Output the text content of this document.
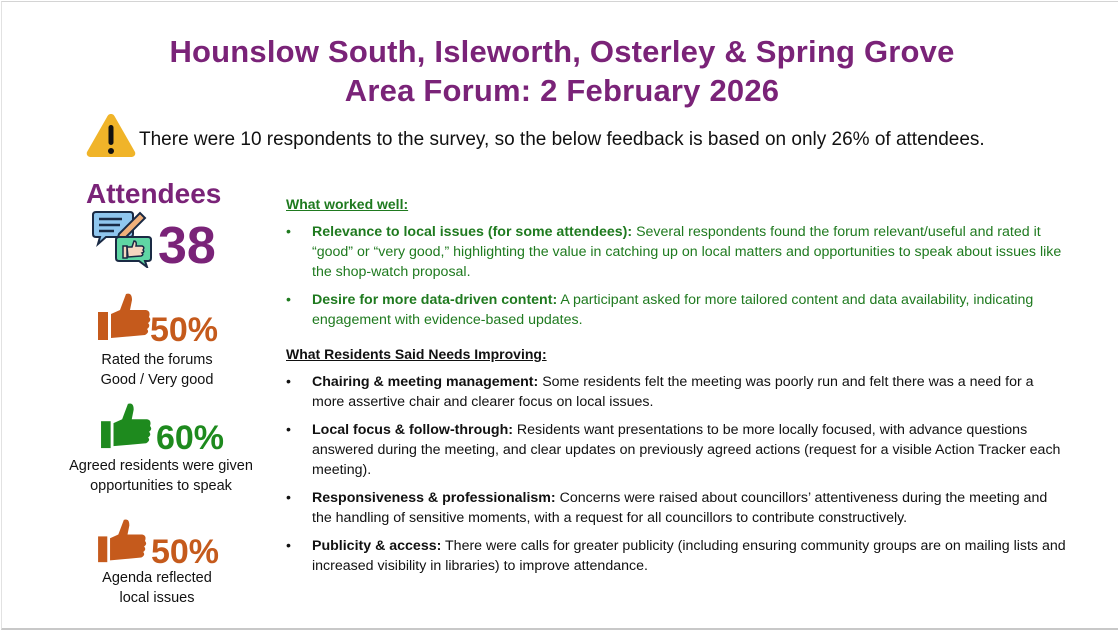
Hounslow South, Isleworth, Osterley & Spring Grove
Area Forum: 2 February 2026
There were 10 respondents to the survey, so the below feedback is based on only 26% of attendees.
Attendees
38
50%
Rated the forums
Good / Very good
60%
Agreed residents were given
opportunities to speak
50%
Agenda reflected
local issues
What worked well:
• Relevance to local issues (for some attendees): Several respondents found the forum relevant/useful and rated it “good” or “very good,” highlighting the value in catching up on local matters and opportunities to speak about issues like the shop-watch proposal.
• Desire for more data-driven content: A participant asked for more tailored content and data availability, indicating engagement with evidence-based updates.
What Residents Said Needs Improving:
• Chairing & meeting management: Some residents felt the meeting was poorly run and felt there was a need for a more assertive chair and clearer focus on local issues.
• Local focus & follow-through: Residents want presentations to be more locally focused, with advance questions answered during the meeting, and clear updates on previously agreed actions (request for a visible Action Tracker each meeting).
• Responsiveness & professionalism: Concerns were raised about councillors’ attentiveness during the meeting and the handling of sensitive moments, with a request for all councillors to contribute constructively.
• Publicity & access: There were calls for greater publicity (including ensuring community groups are on mailing lists and increased visibility in libraries) to improve attendance.
